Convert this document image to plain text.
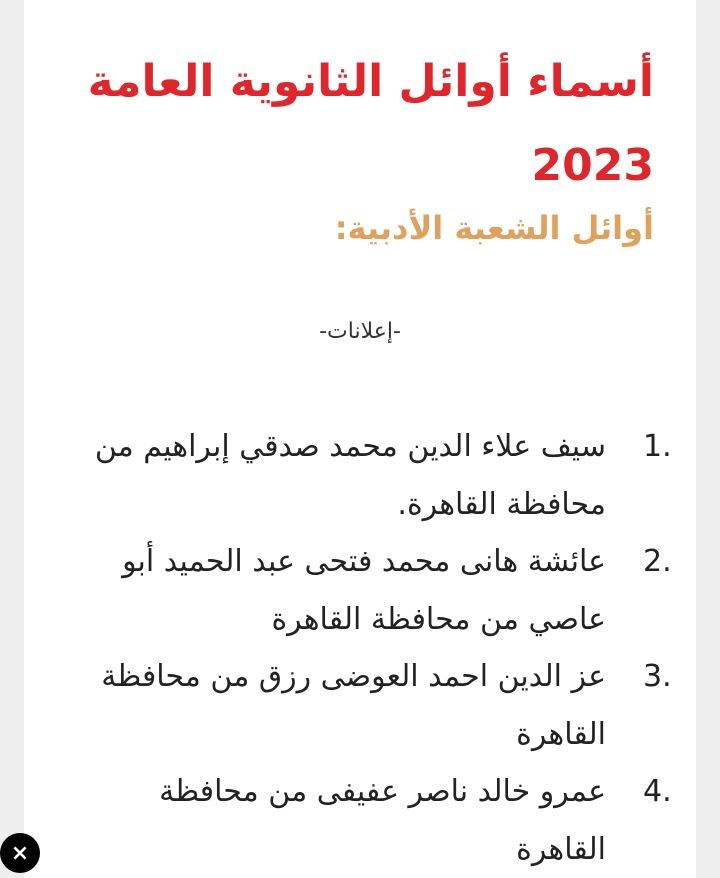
أسماء أوائل الثانوية العامة 2023
أوائل الشعبة الأدبية:
-إعلانات-
1.
سيف علاء الدين محمد صدقي إبراهيم من محافظة القاهرة.
2.
عائشة هانى محمد فتحى عبد الحميد أبو عاصي من محافظة القاهرة
3.
عز الدين احمد العوضى رزق من محافظة القاهرة
4.
عمرو خالد ناصر عفيفى من محافظة القاهرة
×
